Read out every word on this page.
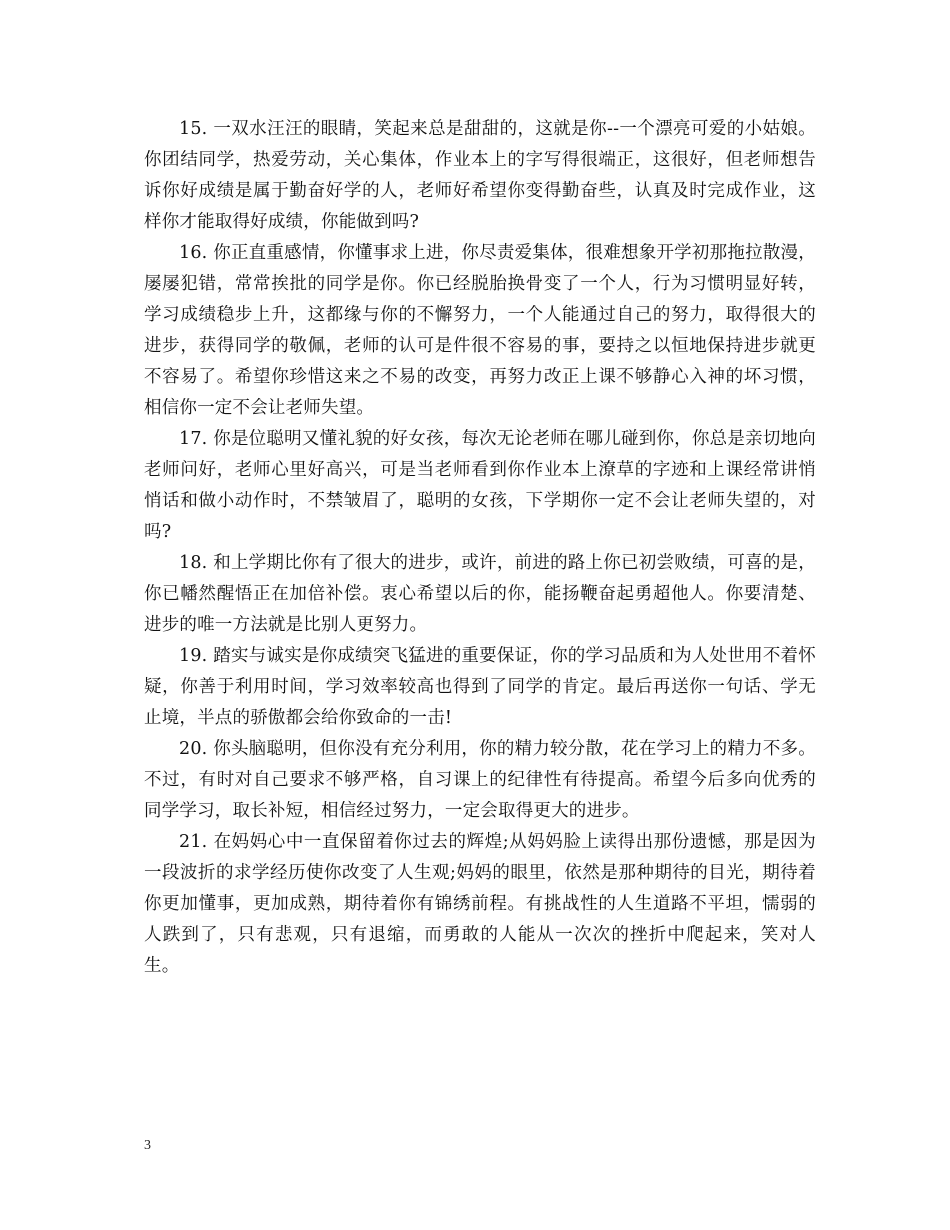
15. 一双水汪汪的眼睛，笑起来总是甜甜的，这就是你--一个漂亮可爱的小姑娘。你团结同学，热爱劳动，关心集体，作业本上的字写得很端正，这很好，但老师想告诉你好成绩是属于勤奋好学的人，老师好希望你变得勤奋些，认真及时完成作业，这样你才能取得好成绩，你能做到吗?

16. 你正直重感情，你懂事求上进，你尽责爱集体，很难想象开学初那拖拉散漫，屡屡犯错，常常挨批的同学是你。你已经脱胎换骨变了一个人，行为习惯明显好转，学习成绩稳步上升，这都缘与你的不懈努力，一个人能通过自己的努力，取得很大的进步，获得同学的敬佩，老师的认可是件很不容易的事，要持之以恒地保持进步就更不容易了。希望你珍惜这来之不易的改变，再努力改正上课不够静心入神的坏习惯，相信你一定不会让老师失望。

17. 你是位聪明又懂礼貌的好女孩，每次无论老师在哪儿碰到你，你总是亲切地向老师问好，老师心里好高兴，可是当老师看到你作业本上潦草的字迹和上课经常讲悄悄话和做小动作时，不禁皱眉了，聪明的女孩，下学期你一定不会让老师失望的，对吗?

18. 和上学期比你有了很大的进步，或许，前进的路上你已初尝败绩，可喜的是，你已幡然醒悟正在加倍补偿。衷心希望以后的你，能扬鞭奋起勇超他人。你要清楚、进步的唯一方法就是比别人更努力。

19. 踏实与诚实是你成绩突飞猛进的重要保证，你的学习品质和为人处世用不着怀疑，你善于利用时间，学习效率较高也得到了同学的肯定。最后再送你一句话、学无止境，半点的骄傲都会给你致命的一击!

20. 你头脑聪明，但你没有充分利用，你的精力较分散，花在学习上的精力不多。不过，有时对自己要求不够严格，自习课上的纪律性有待提高。希望今后多向优秀的同学学习，取长补短，相信经过努力，一定会取得更大的进步。

21. 在妈妈心中一直保留着你过去的辉煌;从妈妈脸上读得出那份遗憾，那是因为一段波折的求学经历使你改变了人生观;妈妈的眼里，依然是那种期待的目光，期待着你更加懂事，更加成熟，期待着你有锦绣前程。有挑战性的人生道路不平坦，懦弱的人跌到了，只有悲观，只有退缩，而勇敢的人能从一次次的挫折中爬起来，笑对人生。

3
